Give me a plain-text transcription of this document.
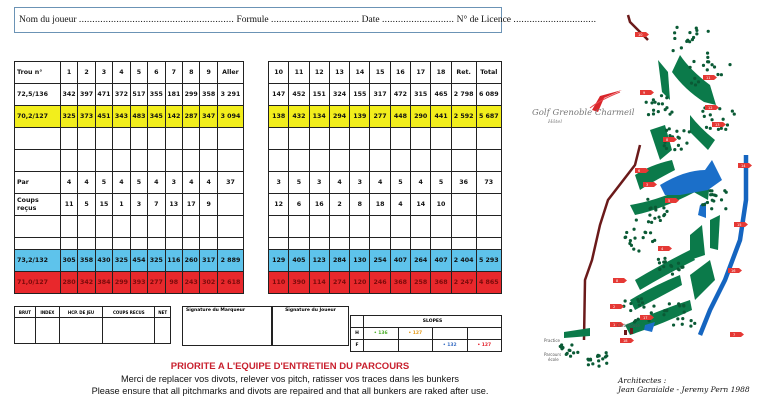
Nom du joueur .......................................................... Formule ................................. Date ........................... N° de Licence ...............................
Trou n°	1	2	3	4	5	6	7	8	9	Aller
72,5/136	342	397	471	372	517	355	181	299	358	3 291
70,2/127	325	373	451	343	483	345	142	287	347	3 094

Par	4	4	5	4	5	4	3	4	4	37

Coups
reçus	11	5	15	1	3	7	13	17	9	

73,2/132	305	358	430	325	454	325	116	260	317	2 889
71,0/127	280	342	384	299	393	277	98	243	302	2 618
10	11	12	13	14	15	16	17	18	Ret.	Total
147	452	151	324	155	317	472	315	465	2 798	6 089
138	432	134	294	139	277	448	290	441	2 592	5 687

3	5	3	4	3	4	5	4	5	36	73
12	6	16	2	8	18	4	14	10		

129	405	123	284	130	254	407	264	407	2 404	5 293
110	390	114	274	120	246	368	258	368	2 247	4 865
BRUT	INDEX	HCP. DE JEU	COUPS RECUS	NET
					Signature du Marqueur	Signature du Joueur
	SLOPES			
H	• 136	• 127		
F			• 132	• 127
PRIORITE A L'EQUIPE D'ENTRETIEN DU PARCOURS
Merci de replacer vos divots, relever vos pitch, ratisser vos traces dans les bunkers
Please ensure that all pitchmarks and divots are repaired and that all bunkers are raked after use.
Golf Grenoble Charmeil
Hôtel
10
11
9
12
13
8
14
6
3
5
15
4
16
8
2
17
1
18
7
Club House
Practice
Parcours
école
Architectes :
Jean Garaialde - Jeremy Pern 1988
